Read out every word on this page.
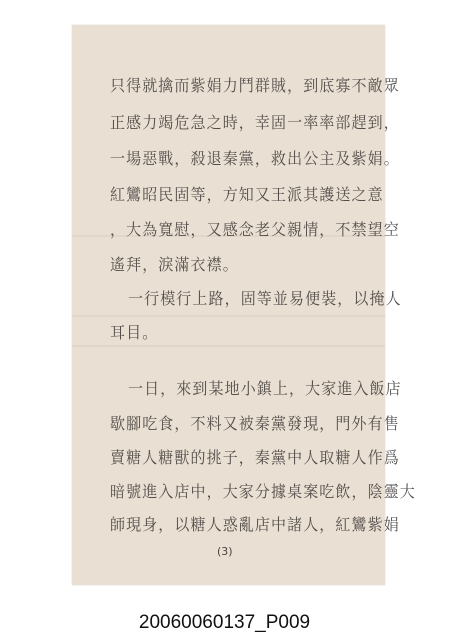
只得就擒而紫娟力鬥群賊，到底寡不敵眾
正感力竭危急之時，幸固一率率部趕到，
一場惡戰，殺退秦黨，救出公主及紫娟。
紅鸞昭民固等，方知又王派其護送之意
，大為寬慰，又感念老父親情，不禁望空
遙拜，淚滿衣襟。
一行模行上路，固等並易便裝，以掩人
耳目。
一日，來到某地小鎮上，大家進入飯店
歇腳吃食，不料又被秦黨發現，門外有售
賣糖人糖獸的挑子，秦黨中人取糖人作爲
暗號進入店中，大家分據桌案吃飲，陰靈大
師現身，以糖人惑亂店中諸人，紅鸞紫娟
(3)
20060060137_P009
